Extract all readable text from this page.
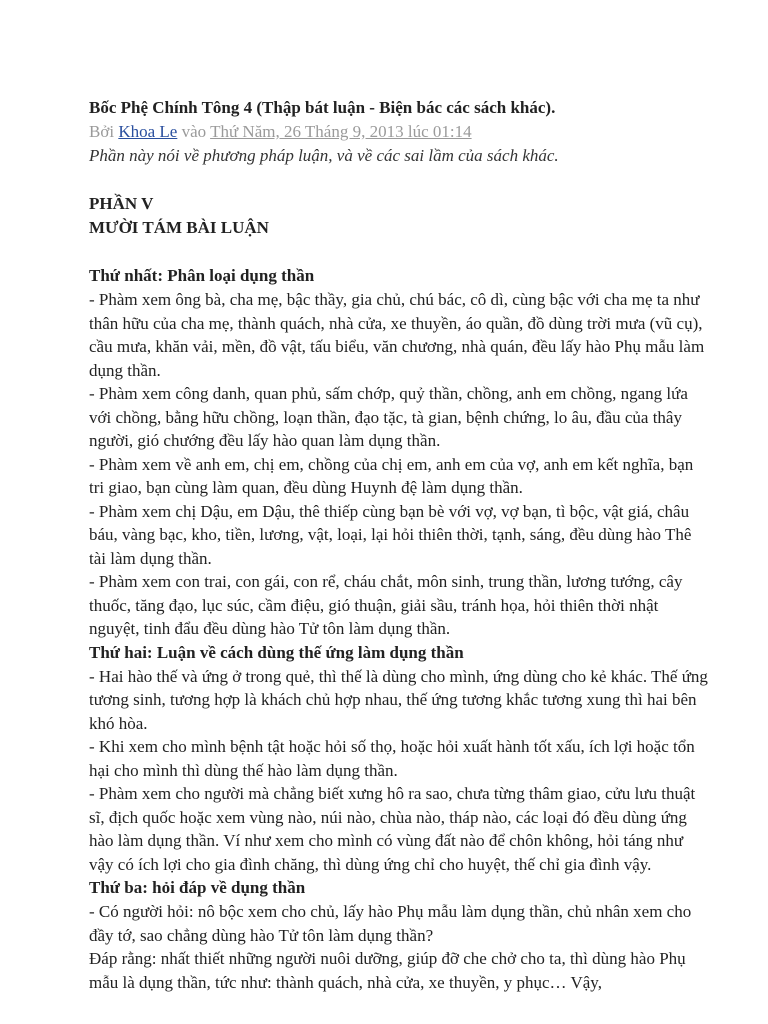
Bốc Phệ Chính Tông 4 (Thập bát luận - Biện bác các sách khác).

Bởi Khoa Le vào Thứ Năm, 26 Tháng 9, 2013 lúc 01:14

Phần này nói về phương pháp luận, và về các sai lầm của sách khác.

PHẦN V

MƯỜI TÁM BÀI LUẬN

Thứ nhất: Phân loại dụng thần

- Phàm xem ông bà, cha mẹ, bậc thầy, gia chủ, chú bác, cô dì, cùng bậc với cha mẹ ta như thân hữu của cha mẹ, thành quách, nhà cửa, xe thuyền, áo quần, đồ dùng trời mưa (vũ cụ), cầu mưa, khăn vải, mền, đồ vật, tấu biểu, văn chương, nhà quán, đều lấy hào Phụ mẫu làm dụng thần.

- Phàm xem công danh, quan phủ, sấm chớp, quỷ thần, chồng, anh em chồng, ngang lứa với chồng, bằng hữu chồng, loạn thần, đạo tặc, tà gian, bệnh chứng, lo âu, đầu của thây người, gió chướng đều lấy hào quan làm dụng thần.

- Phàm xem về anh em, chị em, chồng của chị em, anh em của vợ, anh em kết nghĩa, bạn tri giao, bạn cùng làm quan, đều dùng Huynh đệ làm dụng thần.

- Phàm xem chị Dậu, em Dậu, thê thiếp cùng bạn bè với vợ, vợ bạn, tì bộc, vật giá, châu báu, vàng bạc, kho, tiền, lương, vật, loại, lại hỏi thiên thời, tạnh, sáng, đều dùng hào Thê tài làm dụng thần.

- Phàm xem con trai, con gái, con rể, cháu chắt, môn sinh, trung thần, lương tướng, cây thuốc, tăng đạo, lục súc, cầm điệu, gió thuận, giải sầu, tránh họa, hỏi thiên thời nhật nguyệt, tinh đẩu đều dùng hào Tử tôn làm dụng thần.

Thứ hai: Luận về cách dùng thế ứng làm dụng thần

- Hai hào thế và ứng ở trong quẻ, thì thế là dùng cho mình, ứng dùng cho kẻ khác. Thế ứng tương sinh, tương hợp là khách chủ hợp nhau, thế ứng tương khắc tương xung thì hai bên khó hòa.

- Khi xem cho mình bệnh tật hoặc hỏi số thọ, hoặc hỏi xuất hành tốt xấu, ích lợi hoặc tổn hại cho mình thì dùng thế hào làm dụng thần.

- Phàm xem cho người mà chẳng biết xưng hô ra sao, chưa từng thâm giao, cửu lưu thuật sĩ, địch quốc hoặc xem vùng nào, núi nào, chùa nào, tháp nào, các loại đó đều dùng ứng hào làm dụng thần. Ví như xem cho mình có vùng đất nào để chôn không, hỏi táng như vậy có ích lợi cho gia đình chăng, thì dùng ứng chỉ cho huyệt, thế chỉ gia đình vậy.

Thứ ba: hỏi đáp về dụng thần

- Có người hỏi: nô bộc xem cho chủ, lấy hào Phụ mẫu làm dụng thần, chủ nhân xem cho đầy tớ, sao chẳng dùng hào Tử tôn làm dụng thần?

Đáp rằng: nhất thiết những người nuôi dưỡng, giúp đỡ che chở cho ta, thì dùng hào Phụ mẫu là dụng thần, tức như: thành quách, nhà cửa, xe thuyền, y phục… Vậy,
